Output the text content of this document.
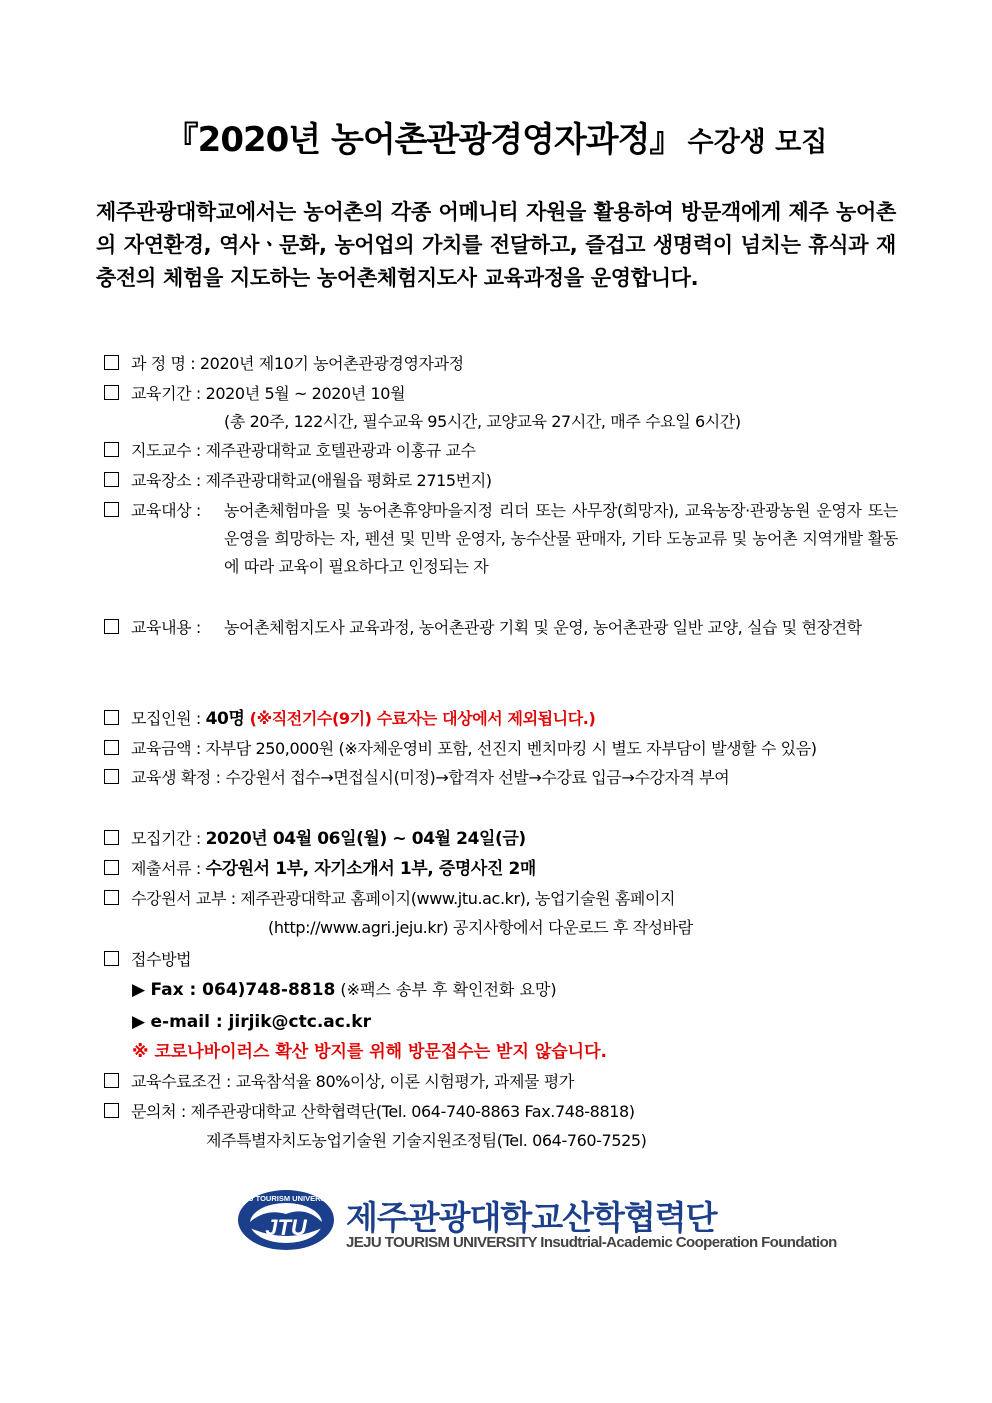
『2020년 농어촌관광경영자과정』 수강생 모집
제주관광대학교에서는 농어촌의 각종 어메니티 자원을 활용하여 방문객에게 제주 농어촌의 자연환경, 역사ㆍ문화, 농어업의 가치를 전달하고, 즐겁고 생명력이 넘치는 휴식과 재충전의 체험을 지도하는 농어촌체험지도사 교육과정을 운영합니다.
과 정 명 : 2020년 제10기 농어촌관광경영자과정
교육기간 : 2020년 5월 ~ 2020년 10월
(총 20주, 122시간, 필수교육 95시간, 교양교육 27시간, 매주 수요일 6시간)
지도교수 : 제주관광대학교 호텔관광과 이홍규 교수
교육장소 : 제주관광대학교(애월읍 평화로 2715번지)
교육대상 :	농어촌체험마을 및 농어촌휴양마을지정 리더 또는 사무장(희망자), 교육농장·관광농원 운영자 또는 운영을 희망하는 자, 펜션 및 민박 운영자, 농수산물 판매자, 기타 도농교류 및 농어촌 지역개발 활동에 따라 교육이 필요하다고 인정되는 자
교육내용 :	농어촌체험지도사 교육과정, 농어촌관광 기획 및 운영, 농어촌관광 일반 교양, 실습 및 현장견학
모집인원 : 40명 (※직전기수(9기) 수료자는 대상에서 제외됩니다.)
교육금액 : 자부담 250,000원 (※자체운영비 포함, 선진지 벤치마킹 시 별도 자부담이 발생할 수 있음)
교육생 확정 : 수강원서 접수→면접실시(미정)→합격자 선발→수강료 입금→수강자격 부여
모집기간 : 2020년 04월 06일(월) ~ 04월 24일(금)
제출서류 : 수강원서 1부, 자기소개서 1부, 증명사진 2매
수강원서 교부 : 제주관광대학교 홈페이지(www.jtu.ac.kr), 농업기술원 홈페이지
(http://www.agri.jeju.kr) 공지사항에서 다운로드 후 작성바람
접수방법
▶ Fax : 064)748-8818 (※팩스 송부 후 확인전화 요망)
▶ e-mail : jirjik@ctc.ac.kr
※ 코로나바이러스 확산 방지를 위해 방문접수는 받지 않습니다.
교육수료조건 : 교육참석율 80%이상, 이론 시험평가, 과제물 평가
문의처 : 제주관광대학교 산학협력단(Tel. 064-740-8863 Fax.748-8818)
제주특별자치도농업기술원 기술지원조정팀(Tel. 064-760-7525)
JTU
JEJU TOURISM UNIVERSITY 제주관광대학교산학협력단
JEJU TOURISM UNIVERSITY Insudtrial-Academic Cooperation Foundation
